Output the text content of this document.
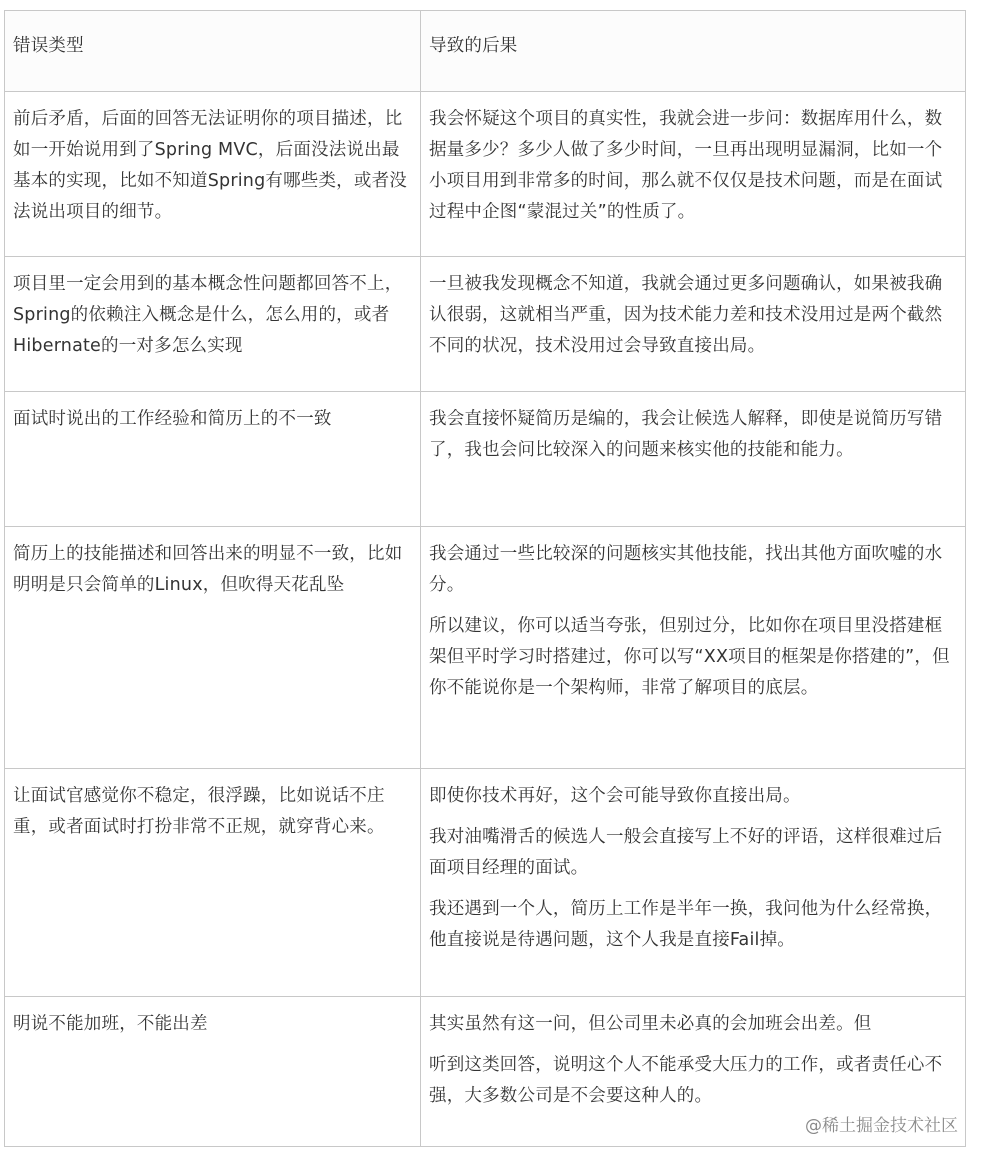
错误类型	导致的后果
前后矛盾，后面的回答无法证明你的项目描述，比如一开始说用到了Spring MVC，后面没法说出最基本的实现，比如不知道Spring有哪些类，或者没法说出项目的细节。	我会怀疑这个项目的真实性，我就会进一步问：数据库用什么，数据量多少？多少人做了多少时间，一旦再出现明显漏洞，比如一个小项目用到非常多的时间，那么就不仅仅是技术问题，而是在面试过程中企图“蒙混过关”的性质了。

项目里一定会用到的基本概念性问题都回答不上，Spring的依赖注入概念是什么，怎么用的，或者Hibernate的一对多怎么实现	一旦被我发现概念不知道，我就会通过更多问题确认，如果被我确认很弱，这就相当严重，因为技术能力差和技术没用过是两个截然不同的状况，技术没用过会导致直接出局。

面试时说出的工作经验和简历上的不一致	我会直接怀疑简历是编的，我会让候选人解释，即使是说简历写错了，我也会问比较深入的问题来核实他的技能和能力。

简历上的技能描述和回答出来的明显不一致，比如明明是只会简单的Linux，但吹得天花乱坠	我会通过一些比较深的问题核实其他技能，找出其他方面吹嘘的水分。

所以建议，你可以适当夸张，但别过分，比如你在项目里没搭建框架但平时学习时搭建过，你可以写“XX项目的框架是你搭建的”，但你不能说你是一个架构师，非常了解项目的底层。

让面试官感觉你不稳定，很浮躁，比如说话不庄重，或者面试时打扮非常不正规，就穿背心来。	即使你技术再好，这个会可能导致你直接出局。

我对油嘴滑舌的候选人一般会直接写上不好的评语，这样很难过后面项目经理的面试。

我还遇到一个人，简历上工作是半年一换，我问他为什么经常换，他直接说是待遇问题，这个人我是直接Fail掉。

明说不能加班，不能出差	其实虽然有这一问，但公司里未必真的会加班会出差。但

听到这类回答，说明这个人不能承受大压力的工作，或者责任心不强，大多数公司是不会要这种人的。

@稀土掘金技术社区
